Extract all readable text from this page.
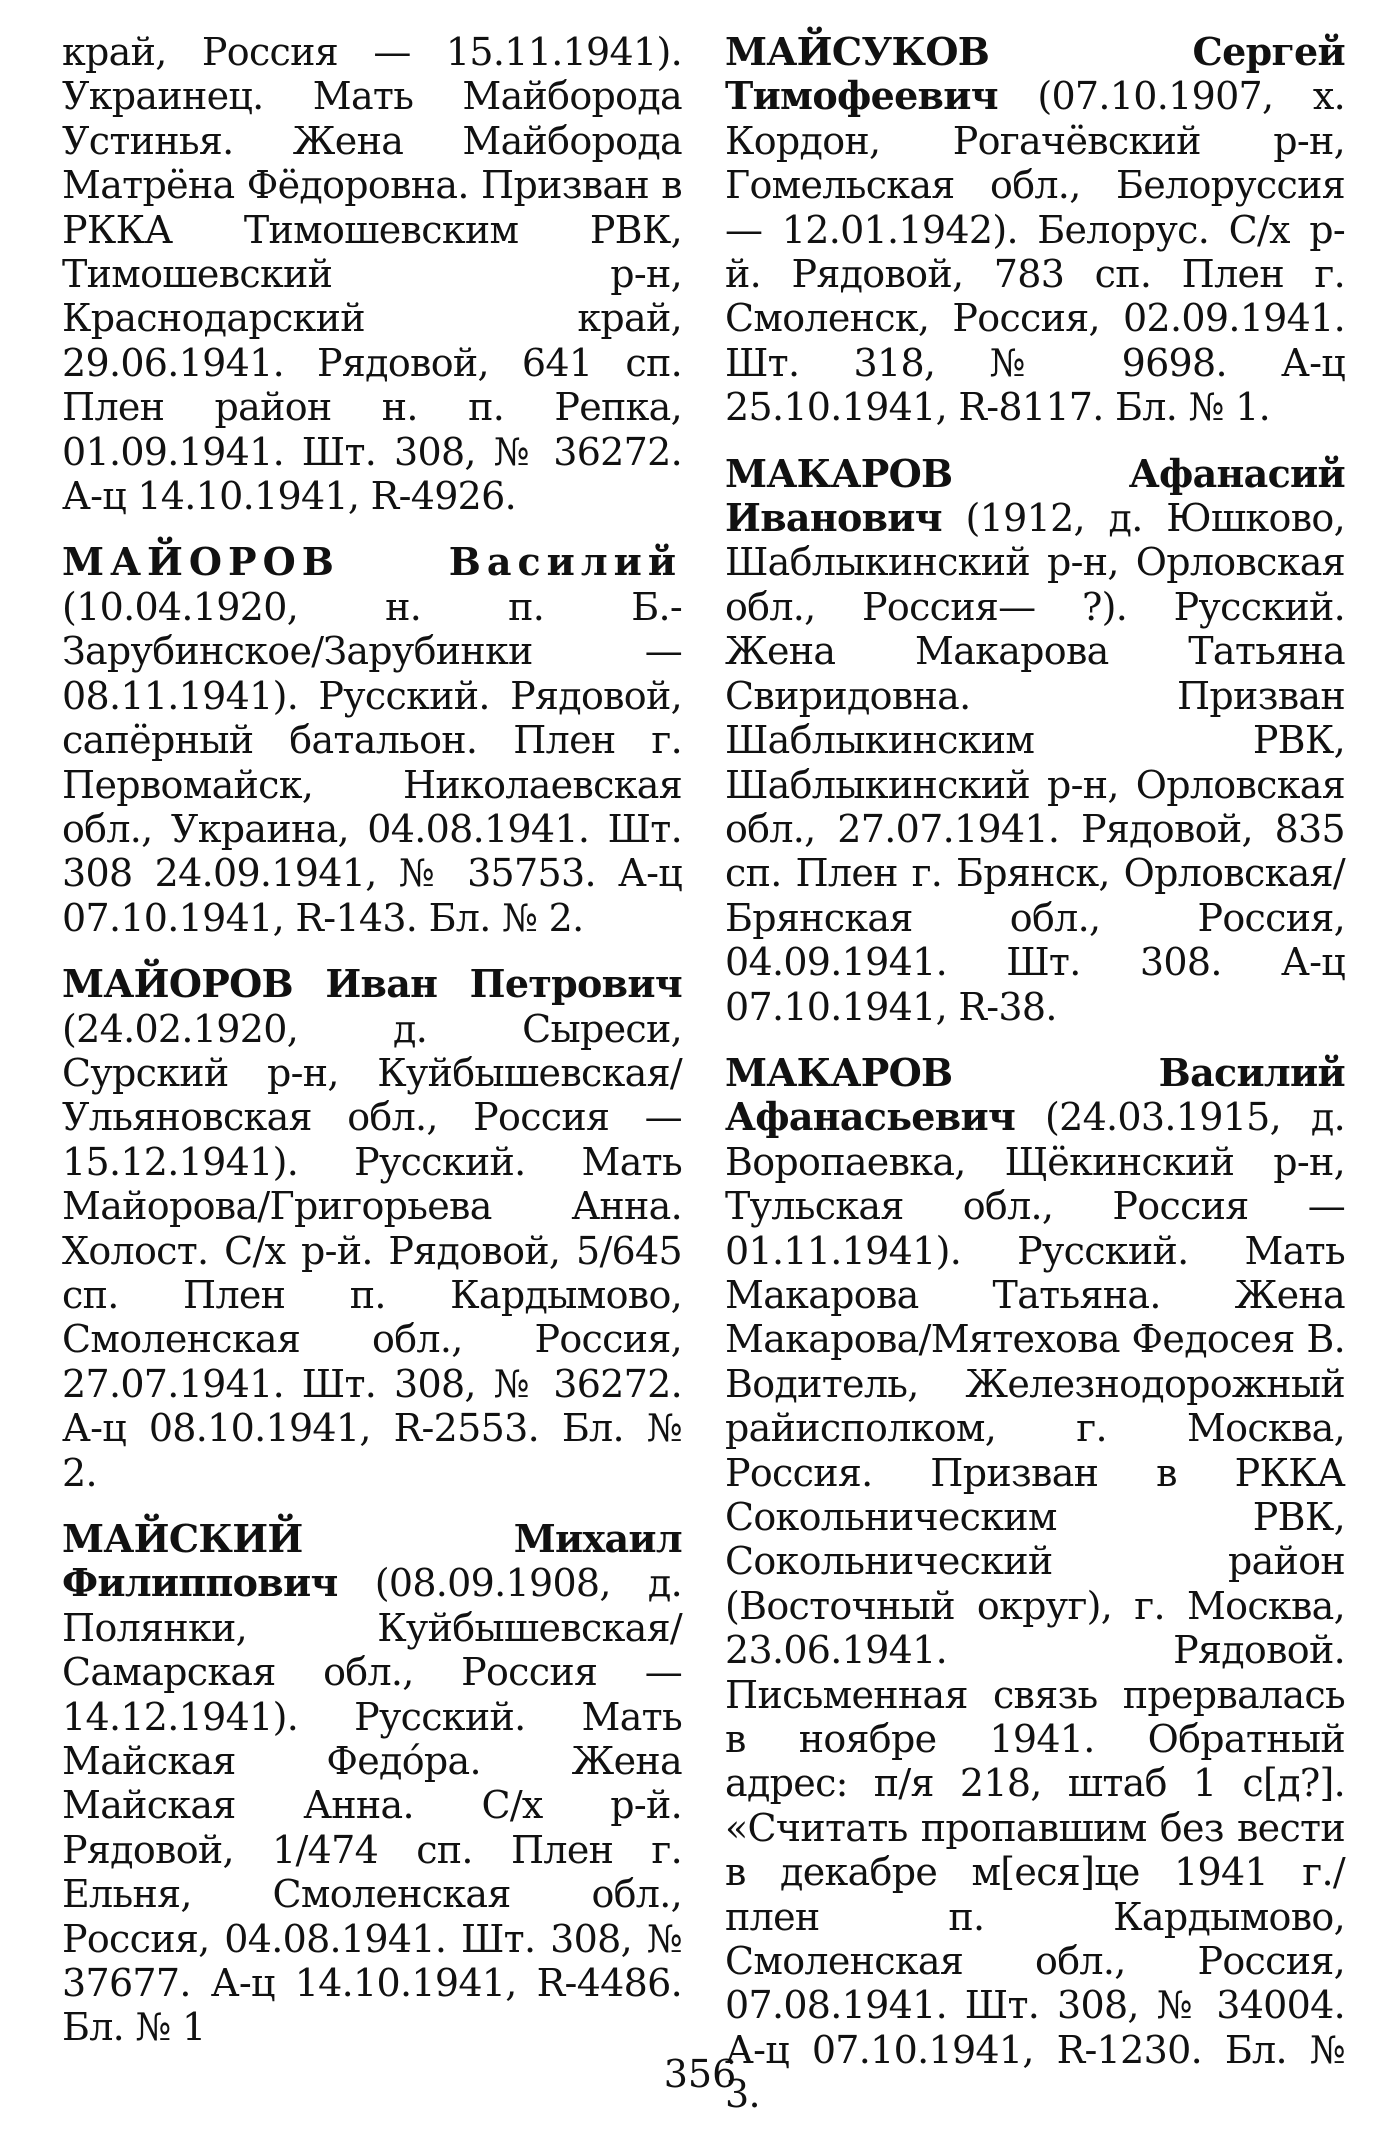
край, Россия — 15.11.1941). Украинец. Мать Майборода Устинья. Жена Майборода Матрёна Фёдоровна. Призван в РККА Тимошевским РВК, Тимошевский р-н, Краснодарский край, 29.06.1941. Рядовой, 641 сп. Плен район н. п. Репка, 01.09.1941. Шт. 308, № 36272. А-ц 14.10.1941, R-4926.

МАЙОРОВ Василий (10.04.1920, н. п. Б.-Зарубинское/Зарубинки — 08.11.1941). Русский. Рядовой, сапёрный батальон. Плен г. Первомайск, Николаевская обл., Украина, 04.08.1941. Шт. 308 24.09.1941, № 35753. А-ц 07.10.1941, R-143. Бл. № 2.

МАЙОРОВ Иван Петрович (24.02.1920, д. Сыреси, Сурский р-н, Куйбышевская/Ульяновская обл., Россия — 15.12.1941). Русский. Мать Майорова/Григорьева Анна. Холост. С/х р-й. Рядовой, 5/645 сп. Плен п. Кардымово, Смоленская обл., Россия, 27.07.1941. Шт. 308, № 36272. А-ц 08.10.1941, R-2553. Бл. № 2.

МАЙСКИЙ Михаил Филиппович (08.09.1908, д. Полянки, Куйбышевская/Самарская обл., Россия — 14.12.1941). Русский. Мать Майская Федóра. Жена Майская Анна. С/х р-й. Рядовой, 1/474 сп. Плен г. Ельня, Смоленская обл., Россия, 04.08.1941. Шт. 308, № 37677. А-ц 14.10.1941, R-4486. Бл. № 1

МАЙСУКОВ Сергей Тимофеевич (07.10.1907, х. Кордон, Рогачёвский р-н, Гомельская обл., Белоруссия — 12.01.1942). Белорус. С/х р-й. Рядовой, 783 сп. Плен г. Смоленск, Россия, 02.09.1941. Шт. 318, № 9698. А-ц 25.10.1941, R-8117. Бл. № 1.

МАКАРОВ Афанасий Иванович (1912, д. Юшково, Шаблыкинский р-н, Орловская обл., Россия— ?). Русский. Жена Макарова Татьяна Свиридовна. Призван Шаблыкинским РВК, Шаблыкинский р-н, Орловская обл., 27.07.1941. Рядовой, 835 сп. Плен г. Брянск, Орловская/Брянская обл., Россия, 04.09.1941. Шт. 308. А-ц 07.10.1941, R-38.

МАКАРОВ Василий Афанасьевич (24.03.1915, д. Воропаевка, Щёкинский р-н, Тульская обл., Россия — 01.11.1941). Русский. Мать Макарова Татьяна. Жена Макарова/Мятехова Федосея В. Водитель, Железнодорожный райисполком, г. Москва, Россия. Призван в РККА Сокольническим РВК, Сокольнический район (Восточный округ), г. Москва, 23.06.1941. Рядовой. Письменная связь прервалась в ноябре 1941. Обратный адрес: п/я 218, штаб 1 с[д?]. «Считать пропавшим без вести в декабре м[еся]це 1941 г./плен п. Кардымово, Смоленская обл., Россия, 07.08.1941. Шт. 308, № 34004. А-ц 07.10.1941, R-1230. Бл. № 3.

356
